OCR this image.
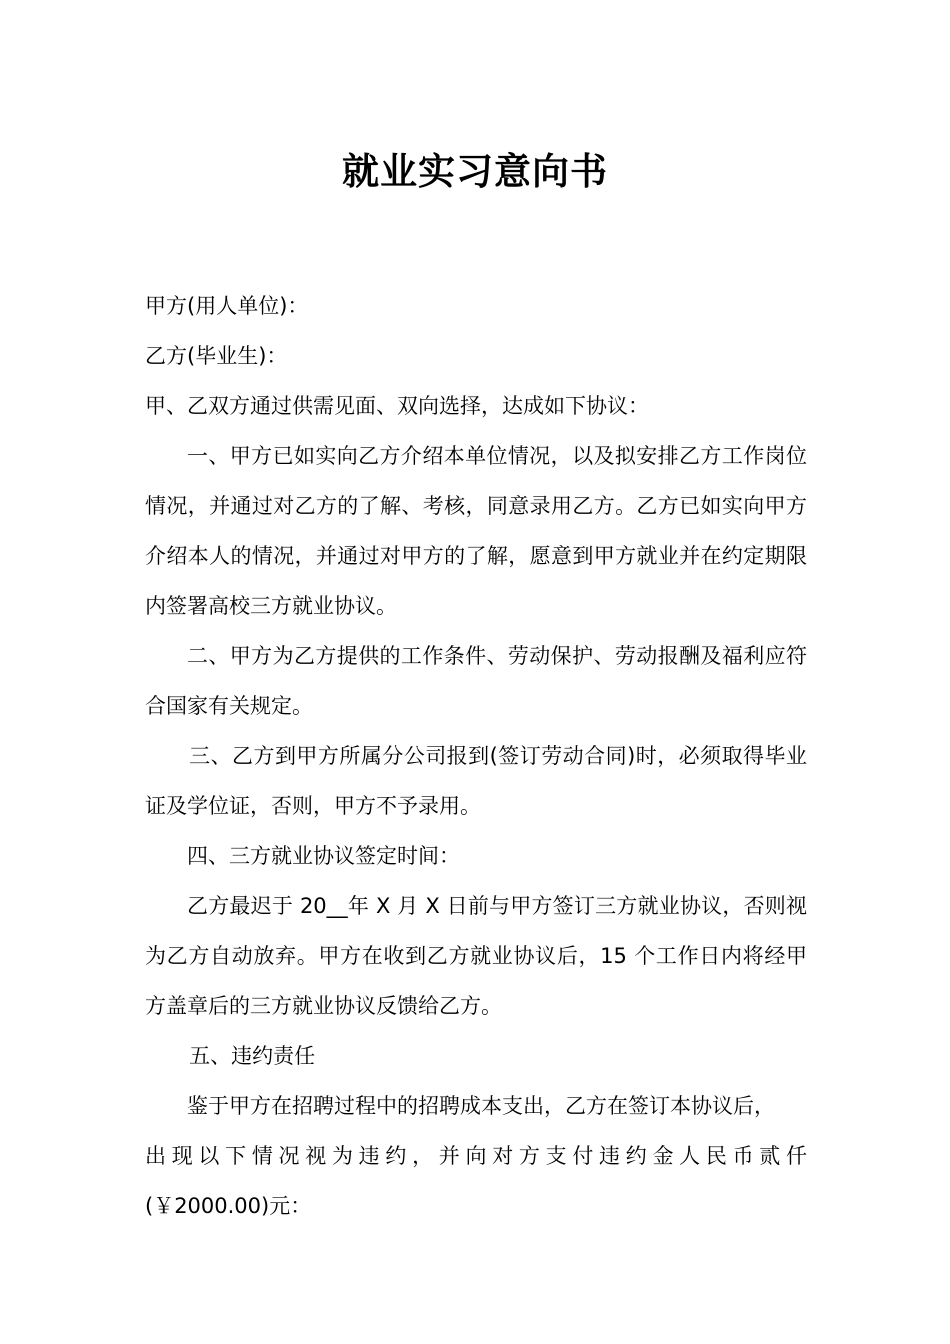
就业实习意向书

甲方(用人单位)：

乙方(毕业生)：

甲、乙双方通过供需见面、双向选择，达成如下协议：

一、甲方已如实向乙方介绍本单位情况，以及拟安排乙方工作岗位情况，并通过对乙方的了解、考核，同意录用乙方。乙方已如实向甲方介绍本人的情况，并通过对甲方的了解，愿意到甲方就业并在约定期限内签署高校三方就业协议。

二、甲方为乙方提供的工作条件、劳动保护、劳动报酬及福利应符合国家有关规定。

三、乙方到甲方所属分公司报到(签订劳动合同)时，必须取得毕业证及学位证，否则，甲方不予录用。

四、三方就业协议签定时间：

乙方最迟于 20__年 X 月 X 日前与甲方签订三方就业协议，否则视为乙方自动放弃。甲方在收到乙方就业协议后，15 个工作日内将经甲方盖章后的三方就业协议反馈给乙方。

五、违约责任

鉴于甲方在招聘过程中的招聘成本支出，乙方在签订本协议后，

出现以下情况视为违约，并向对方支付违约金人民币贰仟

(￥2000.00)元：
